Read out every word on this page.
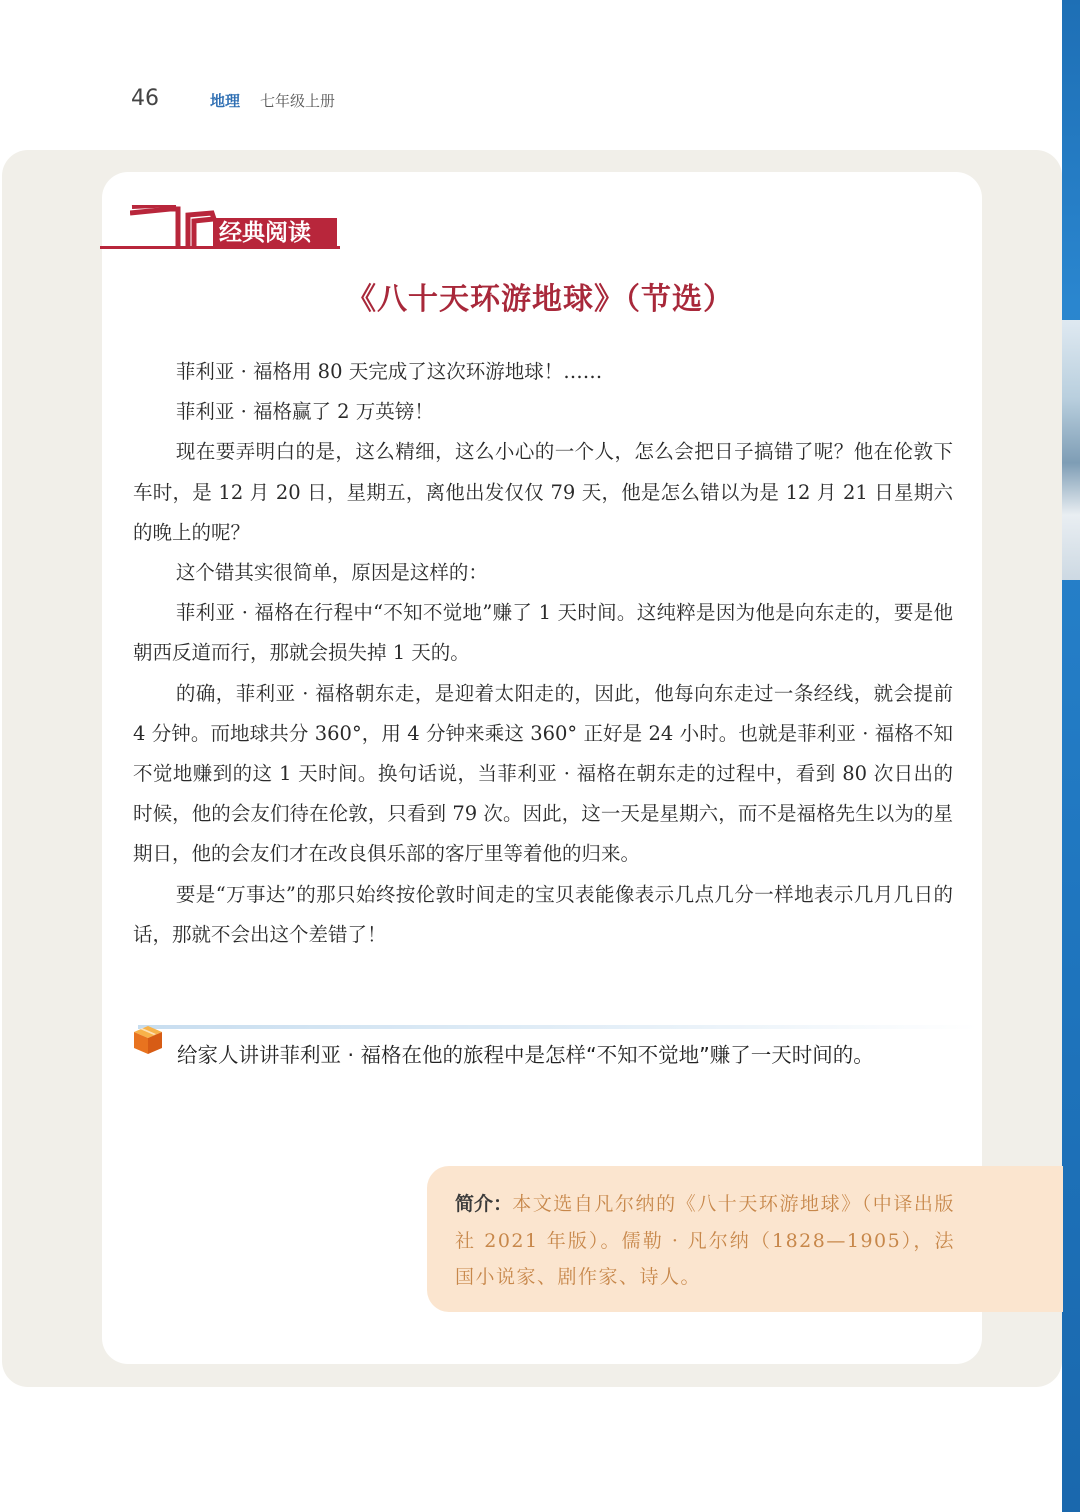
46	地理 七年级上册
经典阅读
《八十天环游地球》（节选）

菲利亚 · 福格用 80 天完成了这次环游地球！……

菲利亚 · 福格赢了 2 万英镑！

现在要弄明白的是，这么精细，这么小心的一个人，怎么会把日子搞错了呢？他在伦敦下车时，是 12 月 20 日，星期五，离他出发仅仅 79 天，他是怎么错以为是 12 月 21 日星期六的晚上的呢？

这个错其实很简单，原因是这样的：

菲利亚 · 福格在行程中“不知不觉地”赚了 1 天时间。这纯粹是因为他是向东走的，要是他朝西反道而行，那就会损失掉 1 天的。

的确，菲利亚 · 福格朝东走，是迎着太阳走的，因此，他每向东走过一条经线，就会提前 4 分钟。而地球共分 360°，用 4 分钟来乘这 360° 正好是 24 小时。也就是菲利亚 · 福格不知不觉地赚到的这 1 天时间。换句话说，当菲利亚 · 福格在朝东走的过程中，看到 80 次日出的时候，他的会友们待在伦敦，只看到 79 次。因此，这一天是星期六，而不是福格先生以为的星期日，他的会友们才在改良俱乐部的客厅里等着他的归来。

要是“万事达”的那只始终按伦敦时间走的宝贝表能像表示几点几分一样地表示几月几日的话，那就不会出这个差错了！

给家人讲讲菲利亚 · 福格在他的旅程中是怎样“不知不觉地”赚了一天时间的。
简介：本文选自凡尔纳的《八十天环游地球》（中译出版社 2021 年版）。儒勒 · 凡尔纳（1828—1905），法国小说家、剧作家、诗人。
